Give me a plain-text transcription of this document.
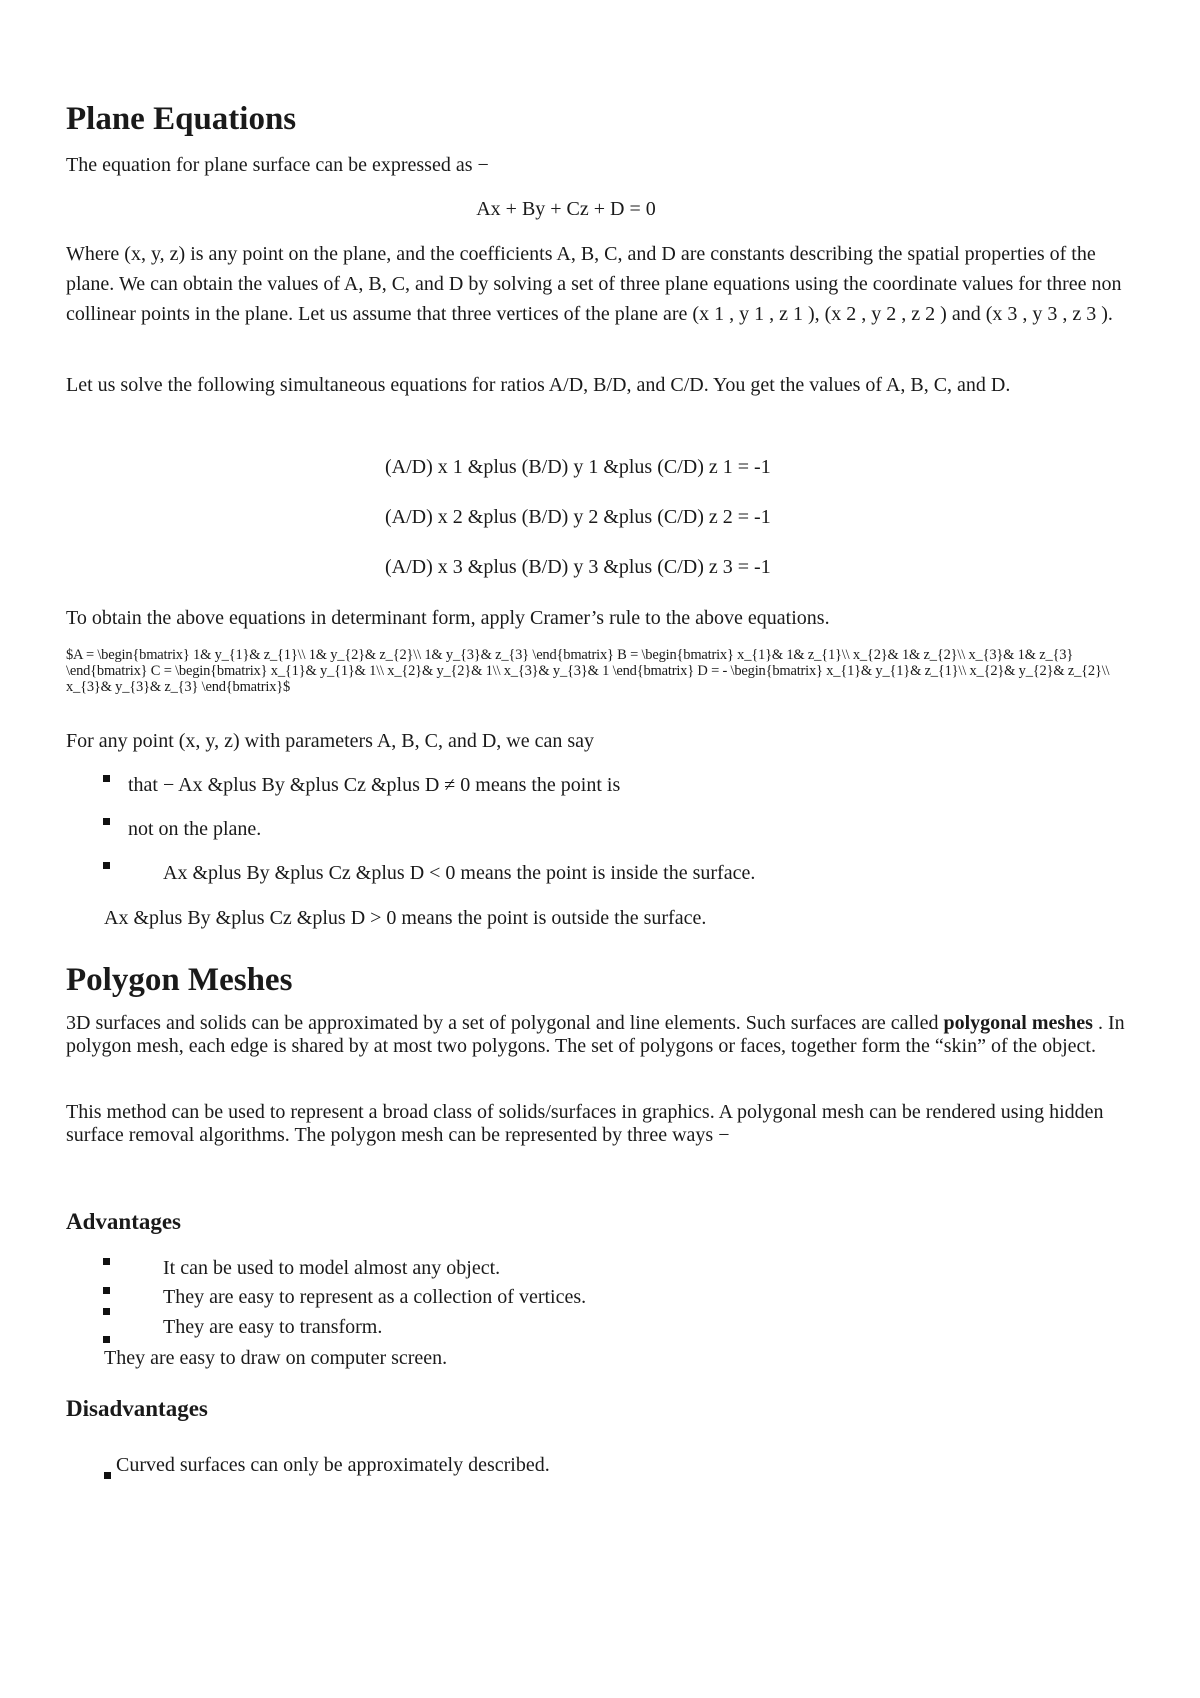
Plane Equations
The equation for plane surface can be expressed as −
Ax + By + Cz + D = 0
Where (x, y, z) is any point on the plane, and the coefficients A, B, C, and D are constants describing the spatial properties of the plane. We can obtain the values of A, B, C, and D by solving a set of three plane equations using the coordinate values for three non collinear points in the plane. Let us assume that three vertices of the plane are (x 1 , y 1 , z 1 ), (x 2 , y 2 , z 2 ) and (x 3 , y 3 , z 3 ).
Let us solve the following simultaneous equations for ratios A/D, B/D, and C/D. You get the values of A, B, C, and D.
(A/D) x 1 &plus (B/D) y 1 &plus (C/D) z 1 = -1
(A/D) x 2 &plus (B/D) y 2 &plus (C/D) z 2 = -1
(A/D) x 3 &plus (B/D) y 3 &plus (C/D) z 3 = -1
To obtain the above equations in determinant form, apply Cramer’s rule to the above equations.
$A = \begin{bmatrix} 1& y_{1}& z_{1}\\ 1& y_{2}& z_{2}\\ 1& y_{3}& z_{3} \end{bmatrix} B = \begin{bmatrix} x_{1}& 1& z_{1}\\ x_{2}& 1& z_{2}\\ x_{3}& 1& z_{3} \end{bmatrix} C = \begin{bmatrix} x_{1}& y_{1}& 1\\ x_{2}& y_{2}& 1\\ x_{3}& y_{3}& 1 \end{bmatrix} D = - \begin{bmatrix} x_{1}& y_{1}& z_{1}\\ x_{2}& y_{2}& z_{2}\\ x_{3}& y_{3}& z_{3} \end{bmatrix}$
For any point (x, y, z) with parameters A, B, C, and D, we can say
that − Ax &plus By &plus Cz &plus D ≠ 0 means the point is
not on the plane.
Ax &plus By &plus Cz &plus D < 0 means the point is inside the surface.
Ax &plus By &plus Cz &plus D > 0 means the point is outside the surface.
Polygon Meshes
3D surfaces and solids can be approximated by a set of polygonal and line elements. Such surfaces are called polygonal meshes . In polygon mesh, each edge is shared by at most two polygons. The set of polygons or faces, together form the “skin” of the object.
This method can be used to represent a broad class of solids/surfaces in graphics. A polygonal mesh can be rendered using hidden surface removal algorithms. The polygon mesh can be represented by three ways −
Advantages
It can be used to model almost any object.
They are easy to represent as a collection of vertices.
They are easy to transform.
They are easy to draw on computer screen.
Disadvantages
Curved surfaces can only be approximately described.
